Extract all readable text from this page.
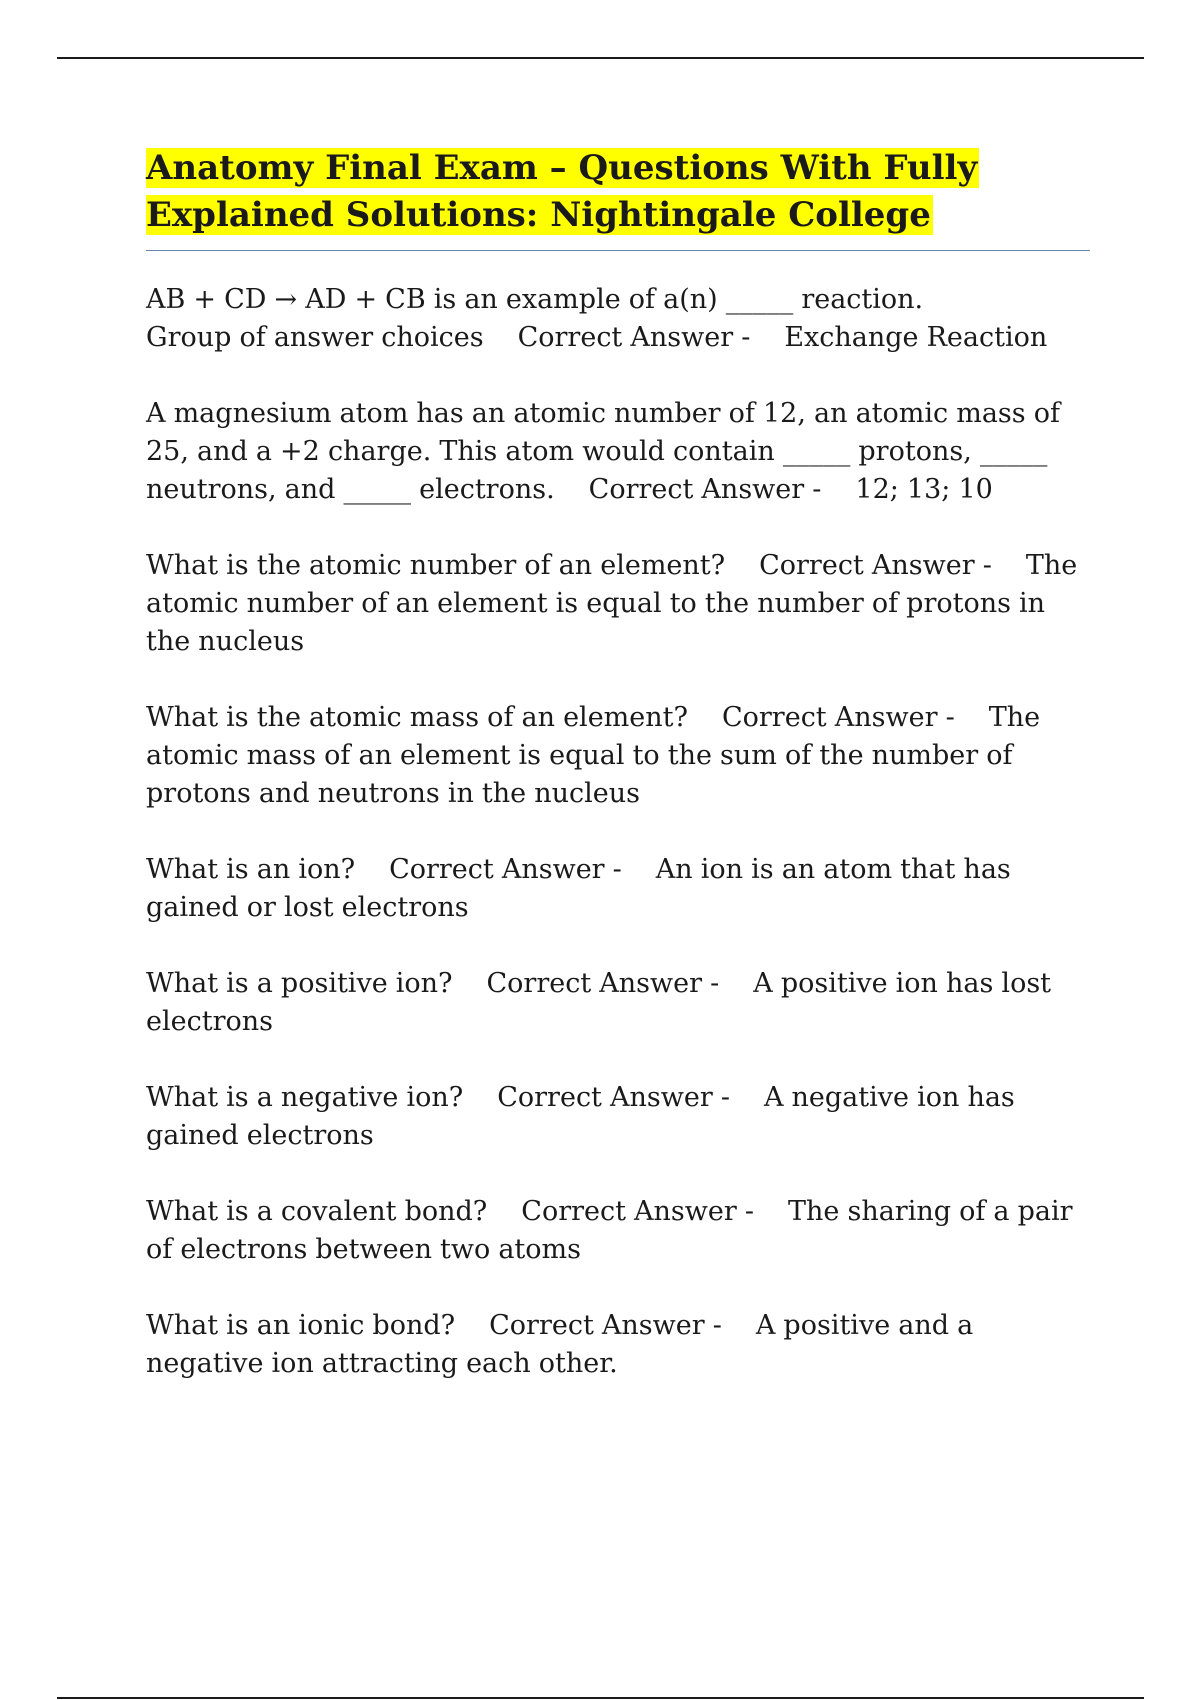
Anatomy Final Exam – Questions With Fully
Explained Solutions: Nightingale College
AB + CD → AD + CB is an example of a(n) _____ reaction.
Group of answer choices Correct Answer - Exchange Reaction
A magnesium atom has an atomic number of 12, an atomic mass of 25, and a +2 charge. This atom would contain _____ protons, _____ neutrons, and _____ electrons. Correct Answer - 12; 13; 10
What is the atomic number of an element? Correct Answer - The atomic number of an element is equal to the number of protons in the nucleus
What is the atomic mass of an element? Correct Answer - The atomic mass of an element is equal to the sum of the number of protons and neutrons in the nucleus
What is an ion? Correct Answer - An ion is an atom that has gained or lost electrons
What is a positive ion? Correct Answer - A positive ion has lost electrons
What is a negative ion? Correct Answer - A negative ion has gained electrons
What is a covalent bond? Correct Answer - The sharing of a pair of electrons between two atoms
What is an ionic bond? Correct Answer - A positive and a negative ion attracting each other.
